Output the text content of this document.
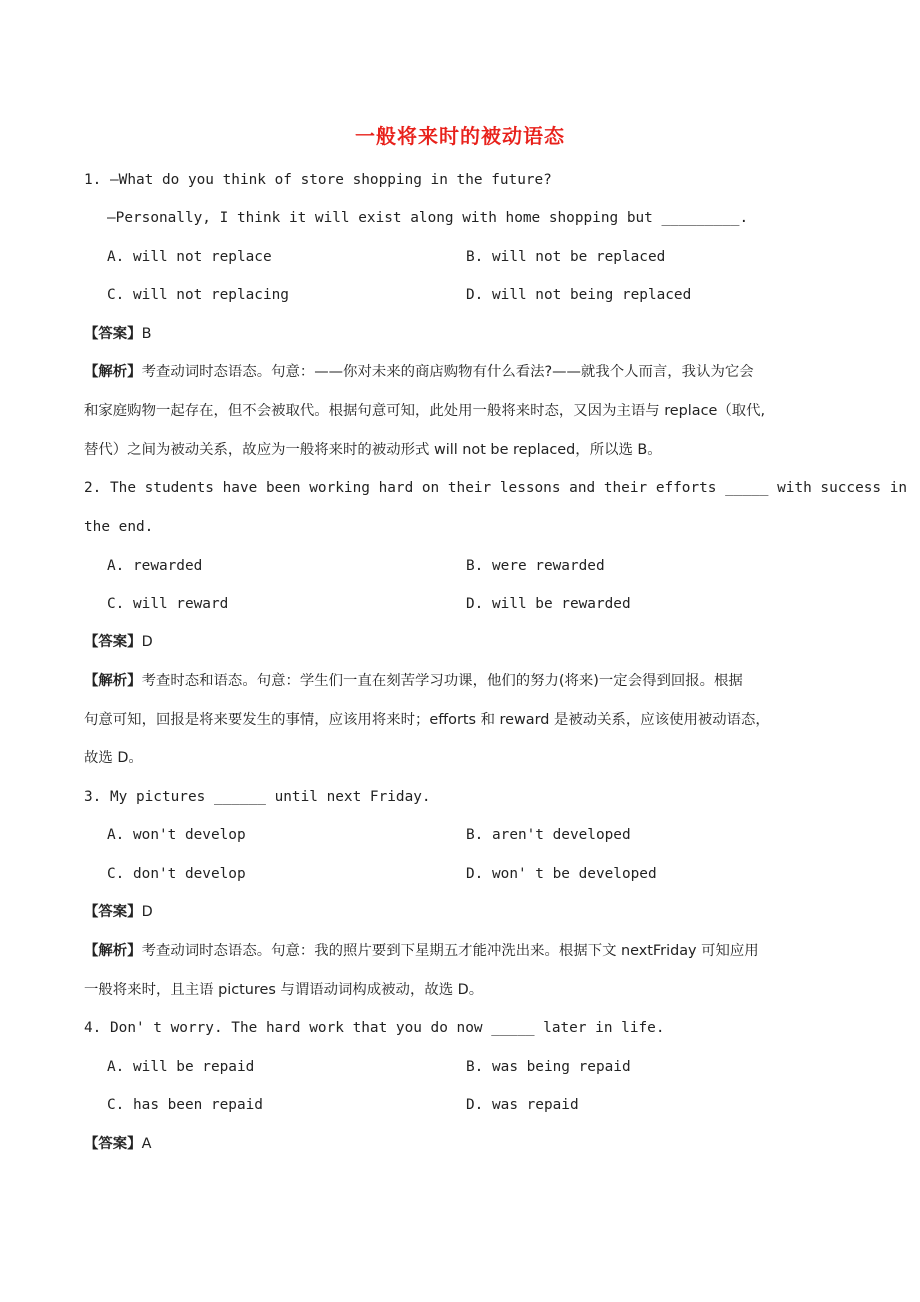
一般将来时的被动语态
1. —What do you think of store shopping in the future?
—Personally, I think it will exist along with home shopping but _________.
A. will not replace	B. will not be replaced
C. will not replacing	D. will not being replaced
【答案】B
【解析】考查动词时态语态。句意：——你对未来的商店购物有什么看法?——就我个人而言，我认为它会
和家庭购物一起存在，但不会被取代。根据句意可知，此处用一般将来时态，又因为主语与 replace（取代,
替代）之间为被动关系，故应为一般将来时的被动形式 will not be replaced，所以选 B。
2. The students have been working hard on their lessons and their efforts _____ with success in
the end.
A. rewarded	B. were rewarded
C. will reward	D. will be rewarded
【答案】D
【解析】考查时态和语态。句意：学生们一直在刻苦学习功课，他们的努力(将来)一定会得到回报。根据
句意可知，回报是将来要发生的事情，应该用将来时；efforts 和 reward 是被动关系，应该使用被动语态，
故选 D。
3. My pictures ______ until next Friday.
A. won't develop	B. aren't developed
C. don't develop	D. won' t be developed
【答案】D
【解析】考查动词时态语态。句意：我的照片要到下星期五才能冲洗出来。根据下文 nextFriday 可知应用
一般将来时，且主语 pictures 与谓语动词构成被动，故选 D。
4. Don' t worry. The hard work that you do now _____ later in life.
A. will be repaid	B. was being repaid
C. has been repaid	D. was repaid
【答案】A
